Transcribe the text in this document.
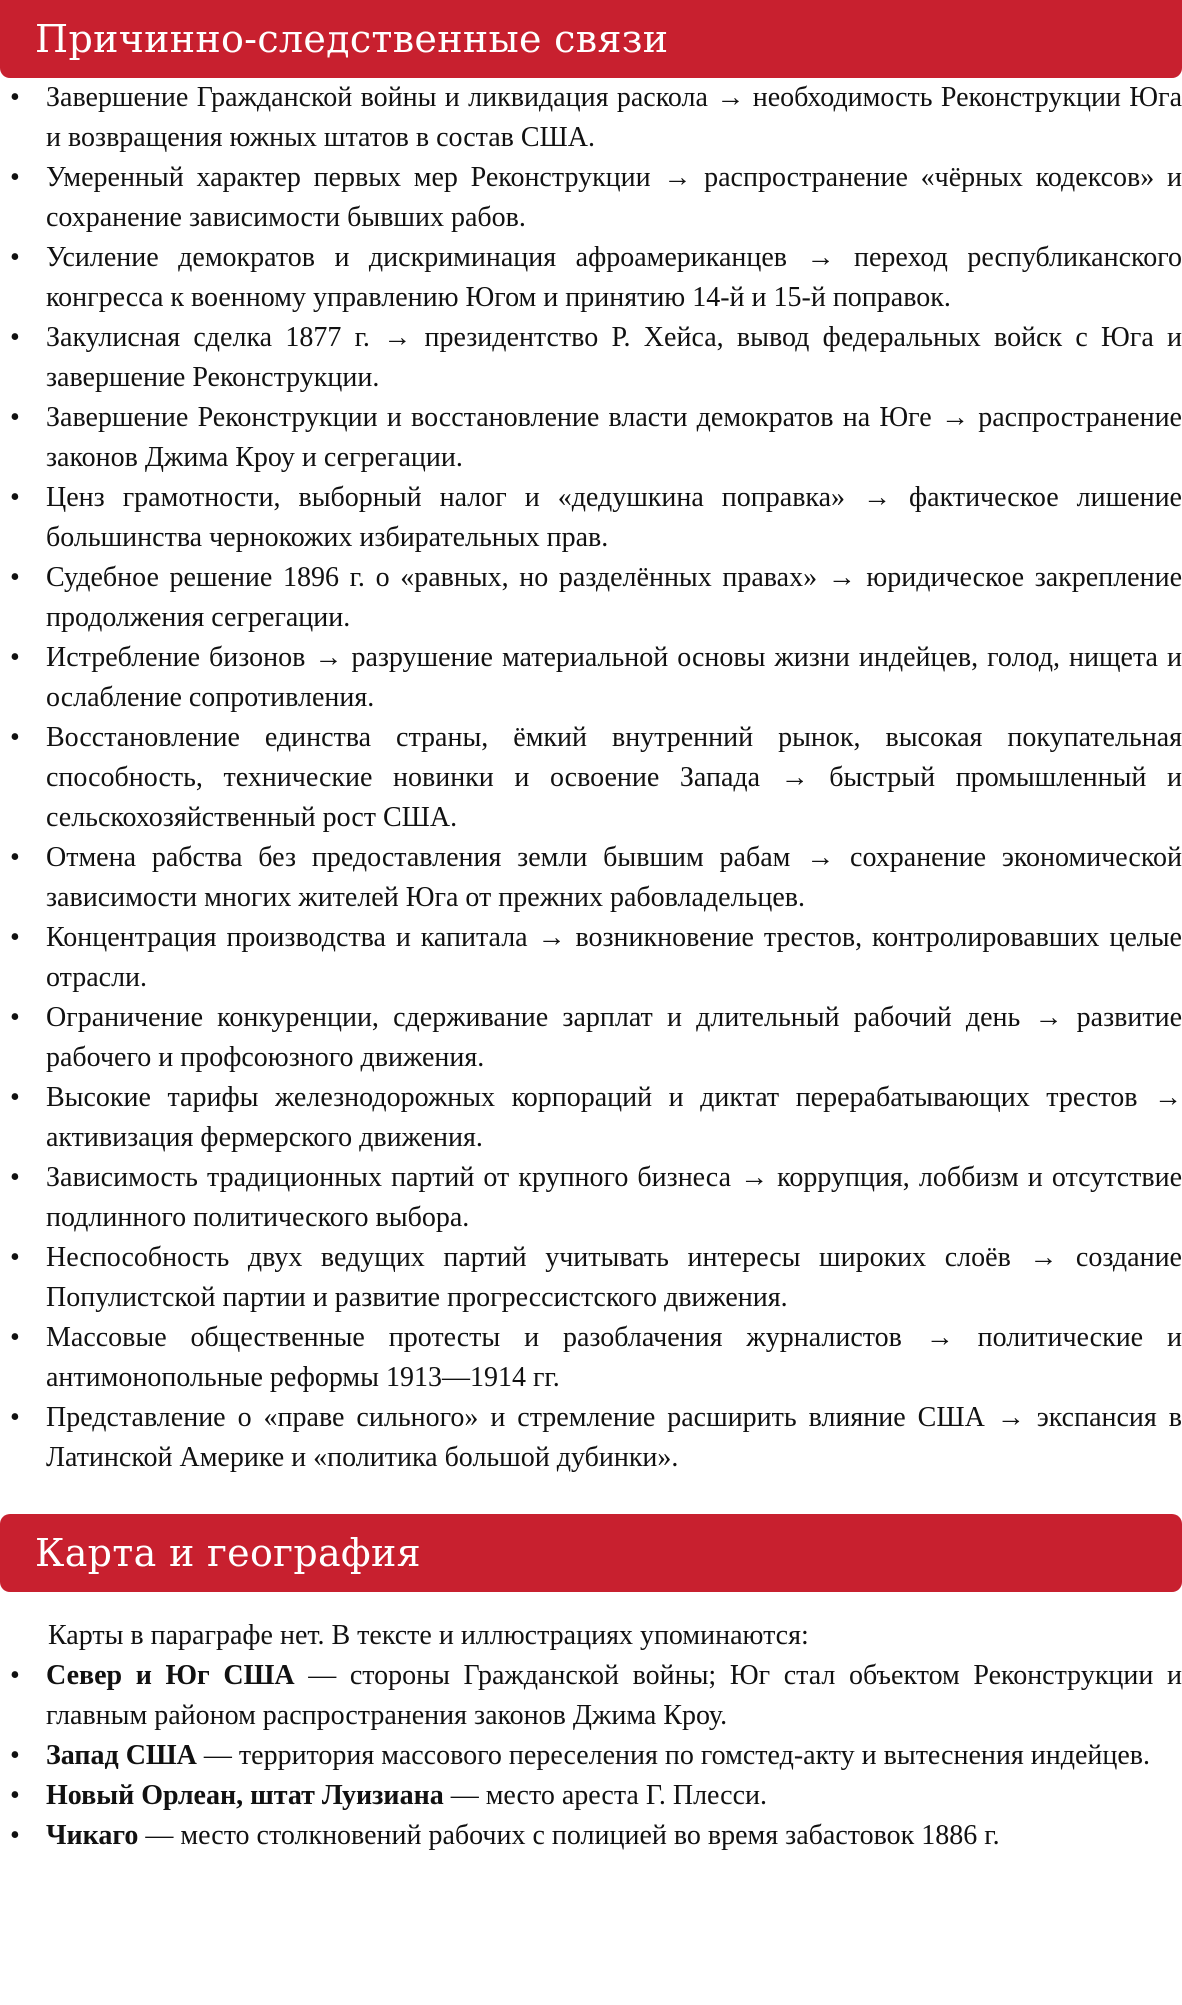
Причинно-следственные связи
• Завершение Гражданской войны и ликвидация раскола → необходимость Реконструкции Юга и возвращения южных штатов в состав США.
• Умеренный характер первых мер Реконструкции → распространение «чёрных кодексов» и сохранение зависимости бывших рабов.
• Усиление демократов и дискриминация афроамериканцев → переход республиканского конгресса к военному управлению Югом и принятию 14-й и 15-й поправок.
• Закулисная сделка 1877 г. → президентство Р. Хейса, вывод федеральных войск с Юга и завершение Реконструкции.
• Завершение Реконструкции и восстановление власти демократов на Юге → распространение законов Джима Кроу и сегрегации.
• Ценз грамотности, выборный налог и «дедушкина поправка» → фактическое лишение большинства чернокожих избирательных прав.
• Судебное решение 1896 г. о «равных, но разделённых правах» → юридическое закрепление продолжения сегрегации.
• Истребление бизонов → разрушение материальной основы жизни индейцев, голод, нищета и ослабление сопротивления.
• Восстановление единства страны, ёмкий внутренний рынок, высокая покупательная способность, технические новинки и освоение Запада → быстрый промышленный и сельскохозяйственный рост США.
• Отмена рабства без предоставления земли бывшим рабам → сохранение экономической зависимости многих жителей Юга от прежних рабовладельцев.
• Концентрация производства и капитала → возникновение трестов, контролировавших целые отрасли.
• Ограничение конкуренции, сдерживание зарплат и длительный рабочий день → развитие рабочего и профсоюзного движения.
• Высокие тарифы железнодорожных корпораций и диктат перерабатывающих трестов → активизация фермерского движения.
• Зависимость традиционных партий от крупного бизнеса → коррупция, лоббизм и отсутствие подлинного политического выбора.
• Неспособность двух ведущих партий учитывать интересы широких слоёв → создание Популистской партии и развитие прогрессистского движения.
• Массовые общественные протесты и разоблачения журналистов → политические и антимонопольные реформы 1913—1914 гг.
• Представление о «праве сильного» и стремление расширить влияние США → экспансия в Латинской Америке и «политика большой дубинки».
Карта и география
Карты в параграфе нет. В тексте и иллюстрациях упоминаются:
• Север и Юг США — стороны Гражданской войны; Юг стал объектом Реконструкции и главным районом распространения законов Джима Кроу.
• Запад США — территория массового переселения по гомстед-акту и вытеснения индейцев.
• Новый Орлеан, штат Луизиана — место ареста Г. Плесси.
• Чикаго — место столкновений рабочих с полицией во время забастовок 1886 г.
